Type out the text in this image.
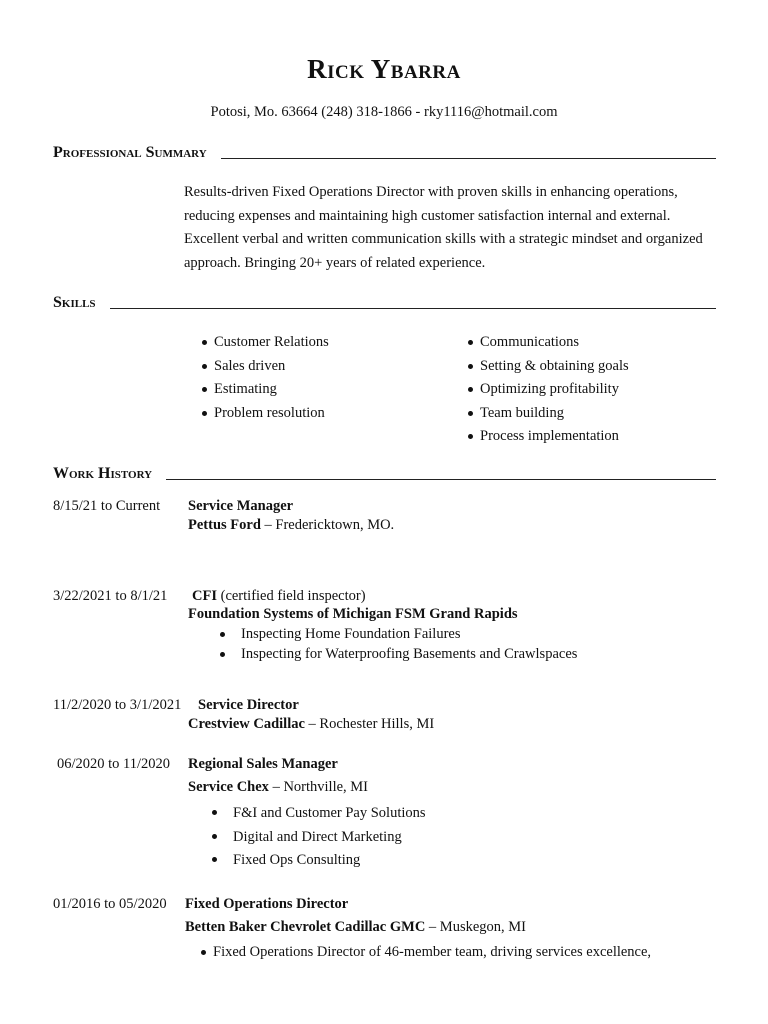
Rick Ybarra
Potosi, Mo. 63664 (248) 318-1866 - rky1116@hotmail.com
Professional Summary

Results-driven Fixed Operations Director with proven skills in enhancing operations, reducing expenses and maintaining high customer satisfaction internal and external. Excellent verbal and written communication skills with a strategic mindset and organized approach. Bringing 20+ years of related experience.

Skills
Customer Relations
Sales driven
Estimating
Problem resolution
Communications
Setting & obtaining goals
Optimizing profitability
Team building
Process implementation
Work History
8/15/21 to Current Service Manager
Pettus Ford – Fredericktown, MO.
3/22/2021 to 8/1/21 CFI (certified field inspector)
Foundation Systems of Michigan FSM Grand Rapids
Inspecting Home Foundation Failures
Inspecting for Waterproofing Basements and Crawlspaces
11/2/2020 to 3/1/2021 Service Director
Crestview Cadillac – Rochester Hills, MI
06/2020 to 11/2020 Regional Sales Manager
Service Chex – Northville, MI
F&I and Customer Pay Solutions
Digital and Direct Marketing
Fixed Ops Consulting
01/2016 to 05/2020 Fixed Operations Director
Betten Baker Chevrolet Cadillac GMC – Muskegon, MI
Fixed Operations Director of 46-member team, driving services excellence,
